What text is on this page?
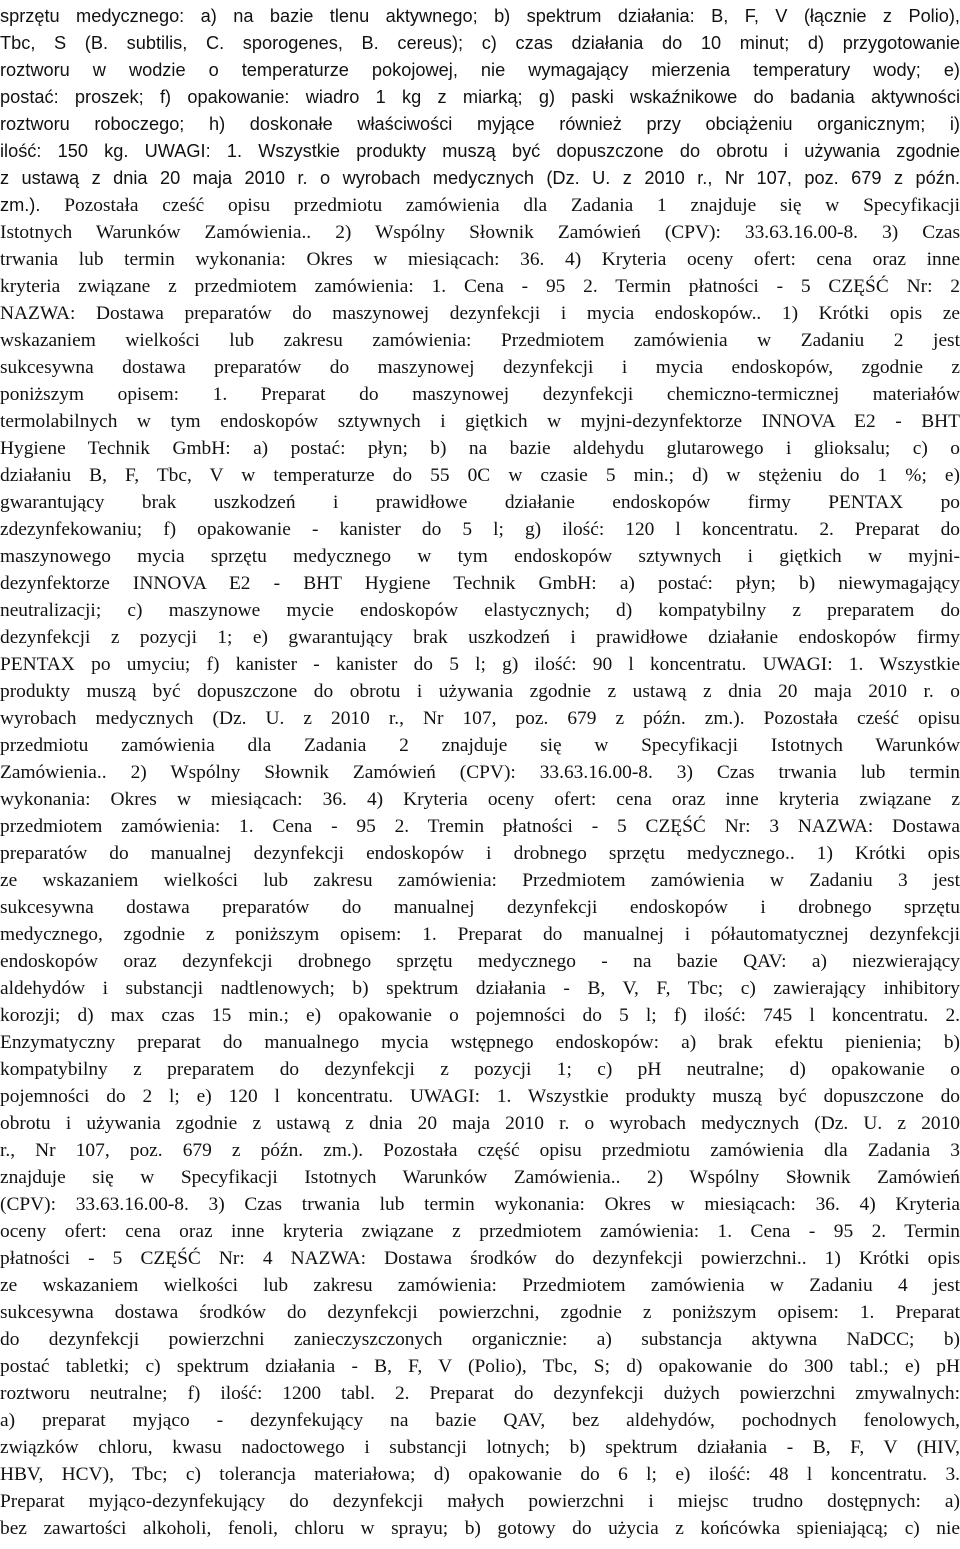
sprzętu medycznego: a) na bazie tlenu aktywnego; b) spektrum działania: B, F, V (łącznie z Polio),
Tbc, S (B. subtilis, C. sporogenes, B. cereus); c) czas działania do 10 minut; d) przygotowanie
roztworu w wodzie o temperaturze pokojowej, nie wymagający mierzenia temperatury wody; e)
postać: proszek; f) opakowanie: wiadro 1 kg z miarką; g) paski wskaźnikowe do badania aktywności
roztworu roboczego; h) doskonałe właściwości myjące również przy obciążeniu organicznym; i)
ilość: 150 kg. UWAGI: 1. Wszystkie produkty muszą być dopuszczone do obrotu i używania zgodnie
z ustawą z dnia 20 maja 2010 r. o wyrobach medycznych (Dz. U. z 2010 r., Nr 107, poz. 679 z późn.
zm.). Pozostała cześć opisu przedmiotu zamówienia dla Zadania 1 znajduje się w Specyfikacji
Istotnych Warunków Zamówienia.. 2) Wspólny Słownik Zamówień (CPV): 33.63.16.00-8. 3) Czas
trwania lub termin wykonania: Okres w miesiącach: 36. 4) Kryteria oceny ofert: cena oraz inne
kryteria związane z przedmiotem zamówienia: 1. Cena - 95 2. Termin płatności - 5 CZĘŚĆ Nr: 2
NAZWA: Dostawa preparatów do maszynowej dezynfekcji i mycia endoskopów.. 1) Krótki opis ze
wskazaniem wielkości lub zakresu zamówienia: Przedmiotem zamówienia w Zadaniu 2 jest
sukcesywna dostawa preparatów do maszynowej dezynfekcji i mycia endoskopów, zgodnie z
poniższym opisem: 1. Preparat do maszynowej dezynfekcji chemiczno-termicznej materiałów
termolabilnych w tym endoskopów sztywnych i giętkich w myjni-dezynfektorze INNOVA E2 - BHT
Hygiene Technik GmbH: a) postać: płyn; b) na bazie aldehydu glutarowego i glioksalu; c) o
działaniu B, F, Tbc, V w temperaturze do 55 0C w czasie 5 min.; d) w stężeniu do 1 %; e)
gwarantujący brak uszkodzeń i prawidłowe działanie endoskopów firmy PENTAX po
zdezynfekowaniu; f) opakowanie - kanister do 5 l; g) ilość: 120 l koncentratu. 2. Preparat do
maszynowego mycia sprzętu medycznego w tym endoskopów sztywnych i giętkich w myjni-
dezynfektorze INNOVA E2 - BHT Hygiene Technik GmbH: a) postać: płyn; b) niewymagający
neutralizacji; c) maszynowe mycie endoskopów elastycznych; d) kompatybilny z preparatem do
dezynfekcji z pozycji 1; e) gwarantujący brak uszkodzeń i prawidłowe działanie endoskopów firmy
PENTAX po umyciu; f) kanister - kanister do 5 l; g) ilość: 90 l koncentratu. UWAGI: 1. Wszystkie
produkty muszą być dopuszczone do obrotu i używania zgodnie z ustawą z dnia 20 maja 2010 r. o
wyrobach medycznych (Dz. U. z 2010 r., Nr 107, poz. 679 z późn. zm.). Pozostała cześć opisu
przedmiotu zamówienia dla Zadania 2 znajduje się w Specyfikacji Istotnych Warunków
Zamówienia.. 2) Wspólny Słownik Zamówień (CPV): 33.63.16.00-8. 3) Czas trwania lub termin
wykonania: Okres w miesiącach: 36. 4) Kryteria oceny ofert: cena oraz inne kryteria związane z
przedmiotem zamówienia: 1. Cena - 95 2. Tremin płatności - 5 CZĘŚĆ Nr: 3 NAZWA: Dostawa
preparatów do manualnej dezynfekcji endoskopów i drobnego sprzętu medycznego.. 1) Krótki opis
ze wskazaniem wielkości lub zakresu zamówienia: Przedmiotem zamówienia w Zadaniu 3 jest
sukcesywna dostawa preparatów do manualnej dezynfekcji endoskopów i drobnego sprzętu
medycznego, zgodnie z poniższym opisem: 1. Preparat do manualnej i półautomatycznej dezynfekcji
endoskopów oraz dezynfekcji drobnego sprzętu medycznego - na bazie QAV: a) niezwierający
aldehydów i substancji nadtlenowych; b) spektrum działania - B, V, F, Tbc; c) zawierający inhibitory
korozji; d) max czas 15 min.; e) opakowanie o pojemności do 5 l; f) ilość: 745 l koncentratu. 2.
Enzymatyczny preparat do manualnego mycia wstępnego endoskopów: a) brak efektu pienienia; b)
kompatybilny z preparatem do dezynfekcji z pozycji 1; c) pH neutralne; d) opakowanie o
pojemności do 2 l; e) 120 l koncentratu. UWAGI: 1. Wszystkie produkty muszą być dopuszczone do
obrotu i używania zgodnie z ustawą z dnia 20 maja 2010 r. o wyrobach medycznych (Dz. U. z 2010
r., Nr 107, poz. 679 z późn. zm.). Pozostała część opisu przedmiotu zamówienia dla Zadania 3
znajduje się w Specyfikacji Istotnych Warunków Zamówienia.. 2) Wspólny Słownik Zamówień
(CPV): 33.63.16.00-8. 3) Czas trwania lub termin wykonania: Okres w miesiącach: 36. 4) Kryteria
oceny ofert: cena oraz inne kryteria związane z przedmiotem zamówienia: 1. Cena - 95 2. Termin
płatności - 5 CZĘŚĆ Nr: 4 NAZWA: Dostawa środków do dezynfekcji powierzchni.. 1) Krótki opis
ze wskazaniem wielkości lub zakresu zamówienia: Przedmiotem zamówienia w Zadaniu 4 jest
sukcesywna dostawa środków do dezynfekcji powierzchni, zgodnie z poniższym opisem: 1. Preparat
do dezynfekcji powierzchni zanieczyszczonych organicznie: a) substancja aktywna NaDCC; b)
postać tabletki; c) spektrum działania - B, F, V (Polio), Tbc, S; d) opakowanie do 300 tabl.; e) pH
roztworu neutralne; f) ilość: 1200 tabl. 2. Preparat do dezynfekcji dużych powierzchni zmywalnych:
a) preparat myjąco - dezynfekujący na bazie QAV, bez aldehydów, pochodnych fenolowych,
związków chloru, kwasu nadoctowego i substancji lotnych; b) spektrum działania - B, F, V (HIV,
HBV, HCV), Tbc; c) tolerancja materiałowa; d) opakowanie do 6 l; e) ilość: 48 l koncentratu. 3.
Preparat myjąco-dezynfekujący do dezynfekcji małych powierzchni i miejsc trudno dostępnych: a)
bez zawartości alkoholi, fenoli, chloru w sprayu; b) gotowy do użycia z końcówka spieniającą; c) nie
